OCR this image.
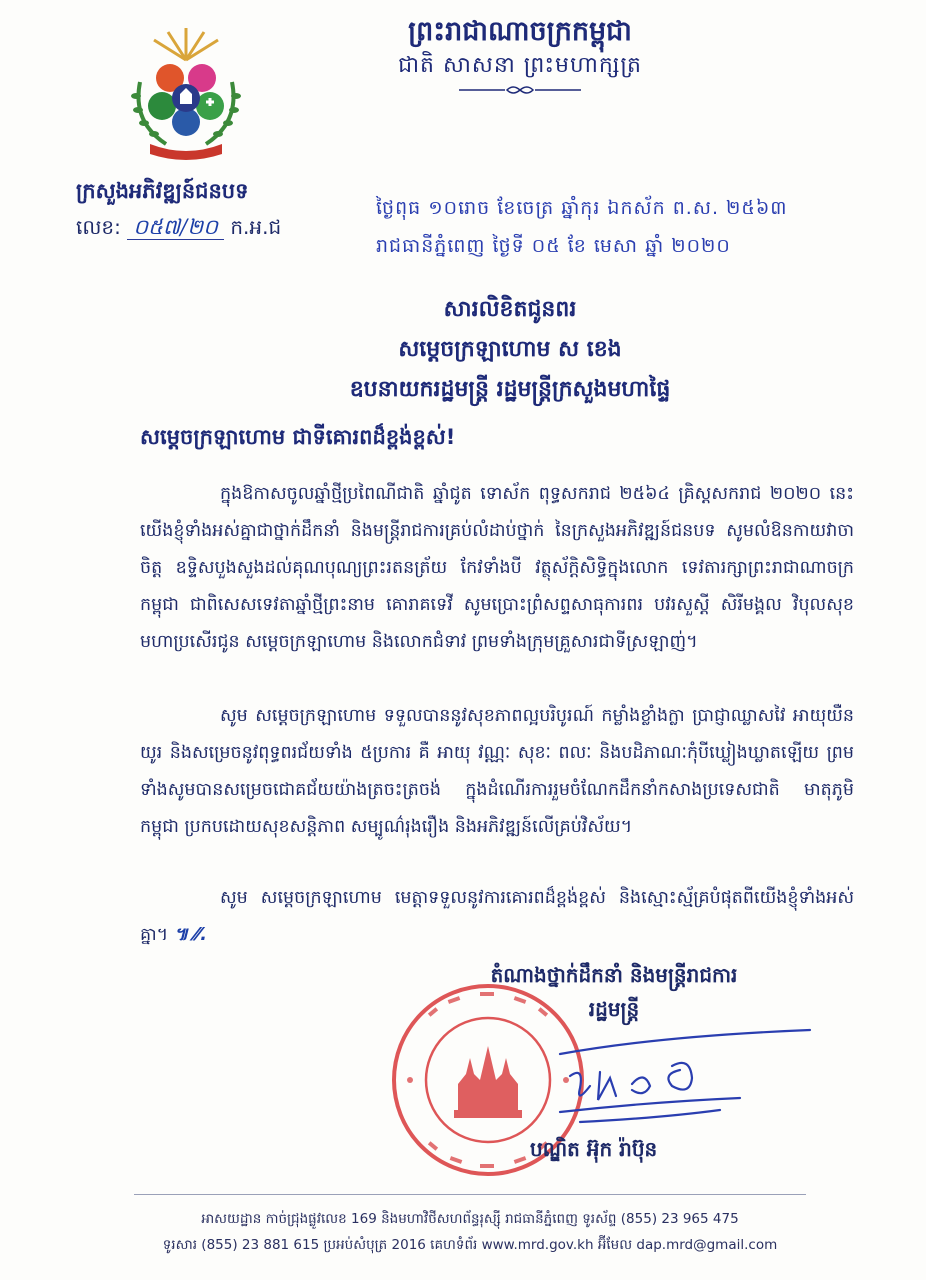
ព្រះរាជាណាចក្រកម្ពុជា
ជាតិ សាសនា ព្រះមហាក្សត្រ
ក្រសួងអភិវឌ្ឍន៍ជនបទ
លេខ: ០៥៧/២០ ក.អ.ជ
ថ្ងៃពុធ ១០រោច ខែចេត្រ ឆ្នាំកុរ ឯកស័ក ព.ស. ២៥៦៣
រាជធានីភ្នំពេញ ថ្ងៃទី ០៥ ខែ មេសា ឆ្នាំ ២០២០
សារលិខិតជូនពរ
សម្តេចក្រឡាហោម ស ខេង
ឧបនាយករដ្ឋមន្ត្រី រដ្ឋមន្ត្រីក្រសួងមហាផ្ទៃ
សម្តេចក្រឡាហោម ជាទីគោរពដ៏ខ្ពង់ខ្ពស់!
ក្នុងឱកាសចូលឆ្នាំថ្មីប្រពៃណីជាតិ ឆ្នាំជូត ទោស័ក ពុទ្ធសករាជ ២៥៦៤ គ្រិស្តសករាជ ២០២០ នេះ យើងខ្ញុំទាំងអស់គ្នាជាថ្នាក់ដឹកនាំ និងមន្ត្រីរាជការគ្រប់លំដាប់ថ្នាក់ នៃក្រសួងអភិវឌ្ឍន៍ជនបទ សូមលំឱនកាយវាចាចិត្ត ឧទ្ទិសបួងសួងដល់គុណបុណ្យព្រះរតនត្រ័យ កែវទាំងបី វត្ថុស័ក្តិសិទ្ធិក្នុងលោក ទេវតារក្សាព្រះរាជាណាចក្រកម្ពុជា ជាពិសេសទេវតាឆ្នាំថ្មីព្រះនាម គោរាគទេវី សូមប្រោះព្រំសព្ទសាធុការពរ បវរសួស្តី សិរីមង្គល វិបុលសុខ មហាប្រសើរជូន សម្តេចក្រឡាហោម និងលោកជំទាវ ព្រមទាំងក្រុមគ្រួសារជាទីស្រឡាញ់។
សូម សម្តេចក្រឡាហោម ទទួលបាននូវសុខភាពល្អបរិបូរណ៍ កម្លាំងខ្លាំងក្លា ប្រាជ្ញាឈ្លាសវៃ អាយុយឺនយូរ និងសម្រេចនូវពុទ្ធពរជ័យទាំង ៥ប្រការ គឺ អាយុ វណ្ណៈ សុខៈ ពលៈ និងបដិភាណៈកុំបីឃ្លៀងឃ្លាតឡើយ ព្រមទាំងសូមបានសម្រេចជោគជ័យយ៉ាងត្រចះត្រចង់ ក្នុងដំណើរការរួមចំណែកដឹកនាំកសាងប្រទេសជាតិ មាតុភូមិកម្ពុជា ប្រកបដោយសុខសន្តិភាព សម្បូណ៌រុងរឿង និងអភិវឌ្ឍន៍លើគ្រប់វិស័យ។
សូម សម្តេចក្រឡាហោម មេត្តាទទួលនូវការគោរពដ៏ខ្ពង់ខ្ពស់ និងស្មោះស្ម័គ្របំផុតពីយើងខ្ញុំទាំងអស់គ្នា។ ៕ ⁄⁄.
តំណាងថ្នាក់ដឹកនាំ និងមន្ត្រីរាជការ
រដ្ឋមន្ត្រី
បណ្ឌិត អ៊ុក រ៉ាប៊ុន
អាសយដ្ឋាន កាច់ជ្រុងផ្លូវលេខ 169 និងមហាវិថីសហព័ន្ធរុស្ស៊ី រាជធានីភ្នំពេញ ទូរស័ព្ទ (855) 23 965 475
ទូរសារ (855) 23 881 615 ប្រអប់សំបុត្រ 2016 គេហទំព័រ www.mrd.gov.kh អ៊ីមែល dap.mrd@gmail.com
